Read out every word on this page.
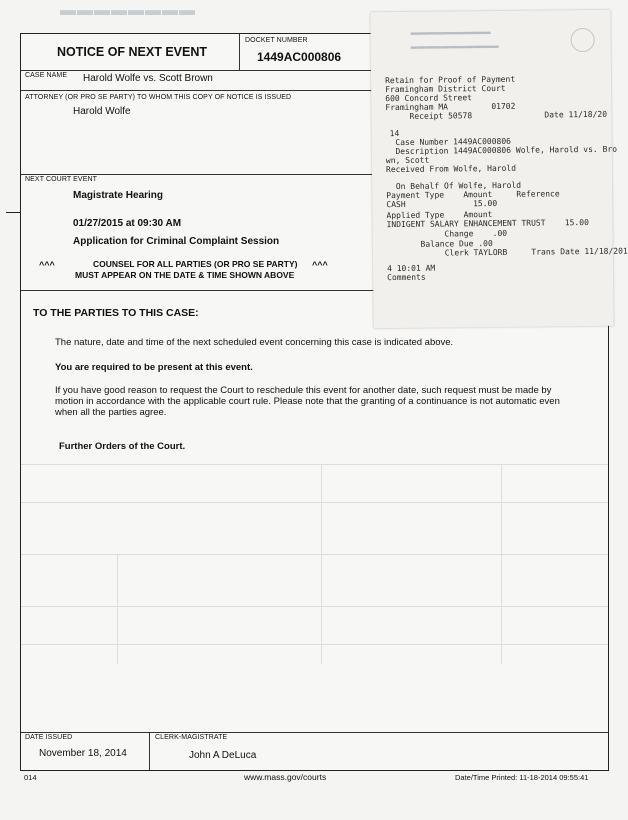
▬▬▬▬▬▬▬▬
NOTICE OF NEXT EVENT
DOCKET NUMBER
1449AC000806
CASE NAME Harold Wolfe vs. Scott Brown
ATTORNEY (OR PRO SE PARTY) TO WHOM THIS COPY OF NOTICE IS ISSUED
Harold Wolfe
NEXT COURT EVENT
Magistrate Hearing
01/27/2015 at 09:30 AM
Application for Criminal Complaint Session
^^^	COUNSEL FOR ALL PARTIES (OR PRO SE PARTY) ^^^
MUST APPEAR ON THE DATE & TIME SHOWN ABOVE
TO THE PARTIES TO THIS CASE:
The nature, date and time of the next scheduled event concerning this case is indicated above.
You are required to be present at this event.
If you have good reason to request the Court to reschedule this event for another date, such request must be made by
motion in accordance with the applicable court rule. Please note that the granting of a continuance is not automatic even
when all the parties agree.
Further Orders of the Court.
DATE ISSUED
November 18, 2014
CLERK-MAGISTRATE
John A DeLuca
014	www.mass.gov/courts	Date/Time Printed: 11-18-2014 09:55:41
▬▬▬▬▬▬▬▬▬▬
▬▬▬▬▬▬▬▬▬▬▬
Retain for Proof of Payment
Framingham District Court
600 Concord Street
Framingham MA         01702
Receipt 50578               Date 11/18/20
14
Case Number 1449AC000806
Description 1449AC000806 Wolfe, Harold vs. Bro
wn, Scott
Received From Wolfe, Harold
On Behalf Of Wolfe, Harold
Payment Type    Amount     Reference
CASH              15.00
Applied Type    Amount
INDIGENT SALARY ENHANCEMENT TRUST    15.00
Change    .00
Balance Due .00
Clerk TAYLORB     Trans Date 11/18/201
4 10:01 AM
Comments
